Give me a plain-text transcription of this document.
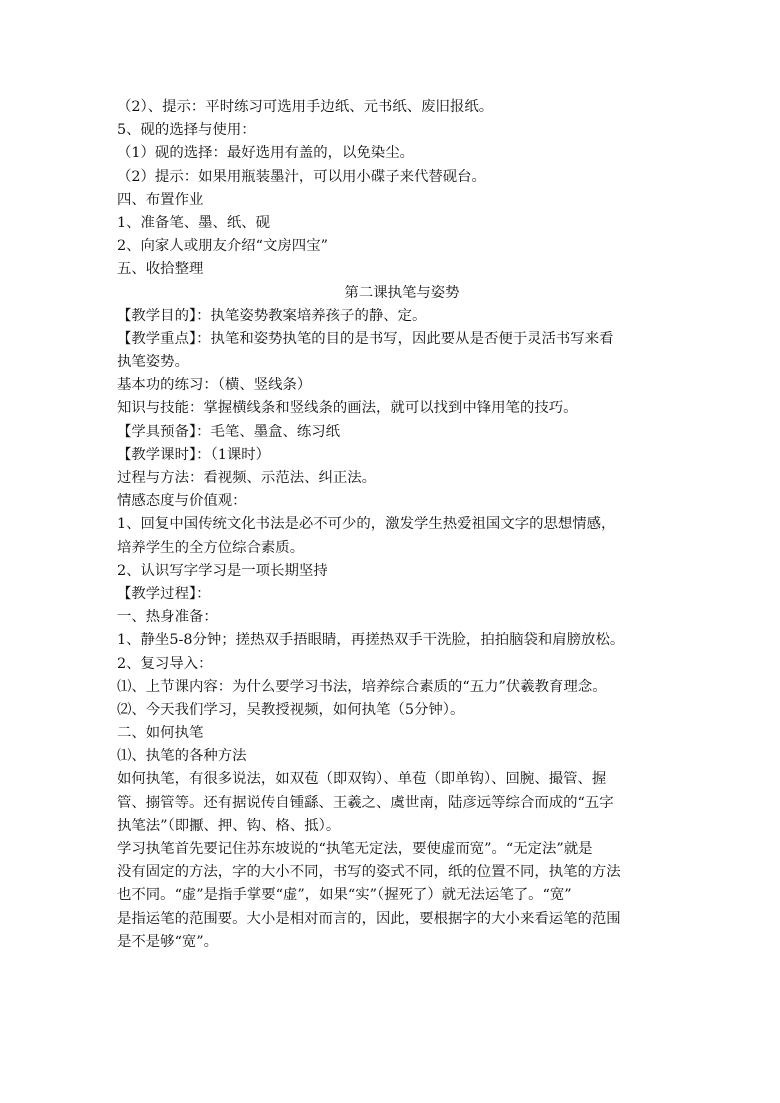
（2）、提示：平时练习可选用手边纸、元书纸、废旧报纸。
5、砚的选择与使用：
（1）砚的选择：最好选用有盖的，以免染尘。
（2）提示：如果用瓶装墨汁，可以用小碟子来代替砚台。
四、布置作业
1、准备笔、墨、纸、砚
2、向家人或朋友介绍“文房四宝”
五、收拾整理
第二课执笔与姿势
【教学目的】：执笔姿势教案培养孩子的静、定。
【教学重点】：执笔和姿势执笔的目的是书写，因此要从是否便于灵活书写来看
执笔姿势。
基本功的练习：（横、竖线条）
知识与技能：掌握横线条和竖线条的画法，就可以找到中锋用笔的技巧。
【学具预备】：毛笔、墨盒、练习纸
【教学课时】：（1课时）
过程与方法：看视频、示范法、纠正法。
情感态度与价值观：
1、回复中国传统文化书法是必不可少的，激发学生热爱祖国文字的思想情感，
培养学生的全方位综合素质。
2、认识写字学习是一项长期坚持
【教学过程】：
一、热身准备：
1、静坐5-8分钟；搓热双手捂眼睛，再搓热双手干洗脸，拍拍脑袋和肩膀放松。
2、复习导入：
⑴、上节课内容：为什么要学习书法，培养综合素质的“五力”伏羲教育理念。
⑵、今天我们学习，吴教授视频，如何执笔（5分钟）。
二、如何执笔
⑴、执笔的各种方法
如何执笔，有很多说法，如双苞（即双钩）、单苞（即单钩）、回腕、撮管、握
管、搦管等。还有据说传自锺繇、王羲之、虞世南，陆彦远等综合而成的“五字
执笔法”（即擫、押、钩、格、抵）。
学习执笔首先要记住苏东坡说的“执笔无定法，要使虚而宽”。“无定法”就是
没有固定的方法，字的大小不同，书写的姿式不同，纸的位置不同，执笔的方法
也不同。“虚”是指手掌要“虚”，如果“实”（握死了）就无法运笔了。“宽”
是指运笔的范围要。大小是相对而言的，因此，要根据字的大小来看运笔的范围
是不是够“宽”。
